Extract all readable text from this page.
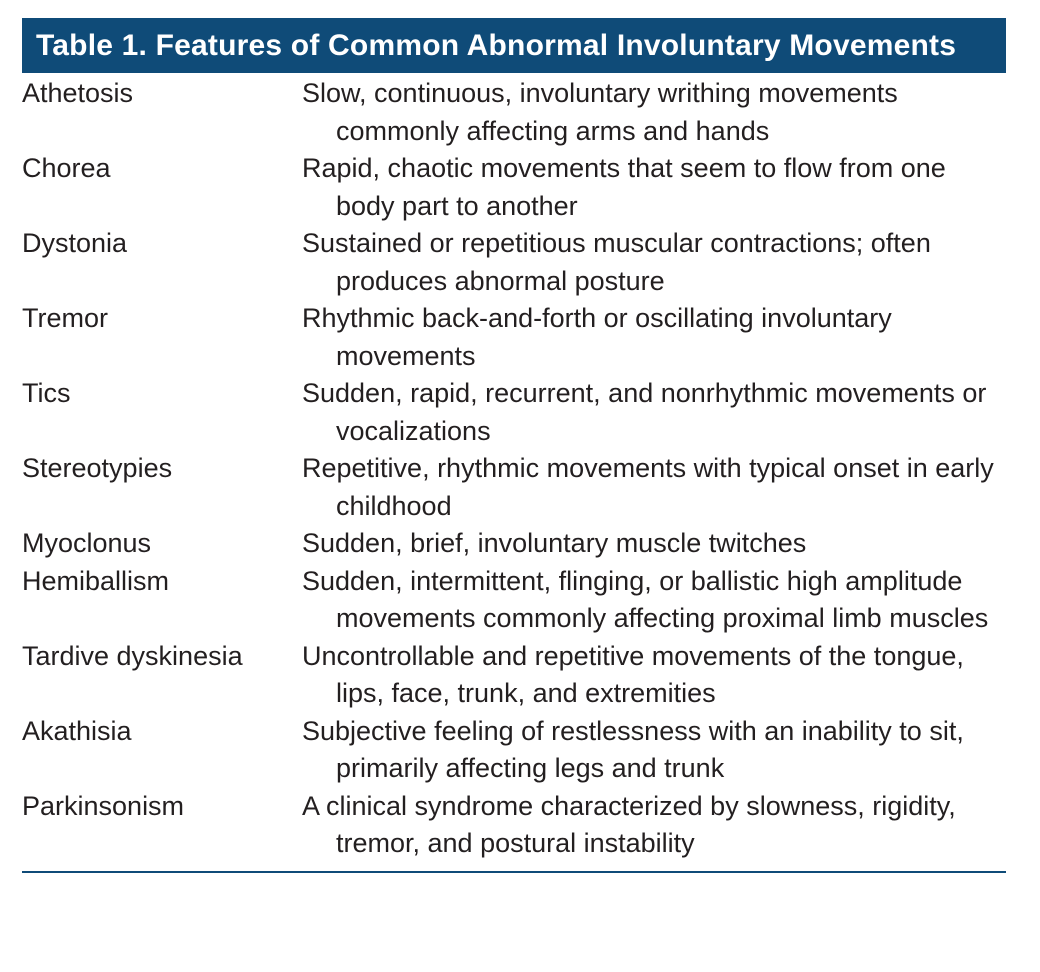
Table 1. Features of Common Abnormal Involuntary Movements
Athetosis	Slow, continuous, involuntary writhing movements commonly affecting arms and hands
Chorea	Rapid, chaotic movements that seem to flow from one body part to another
Dystonia	Sustained or repetitious muscular contractions; often produces abnormal posture
Tremor	Rhythmic back-and-forth or oscillating involuntary movements
Tics	Sudden, rapid, recurrent, and nonrhythmic movements or vocalizations
Stereotypies	Repetitive, rhythmic movements with typical onset in early childhood
Myoclonus	Sudden, brief, involuntary muscle twitches
Hemiballism	Sudden, intermittent, flinging, or ballistic high amplitude movements commonly affecting proximal limb muscles
Tardive dyskinesia	Uncontrollable and repetitive movements of the tongue, lips, face, trunk, and extremities
Akathisia	Subjective feeling of restlessness with an inability to sit, primarily affecting legs and trunk
Parkinsonism	A clinical syndrome characterized by slowness, rigidity, tremor, and postural instability
